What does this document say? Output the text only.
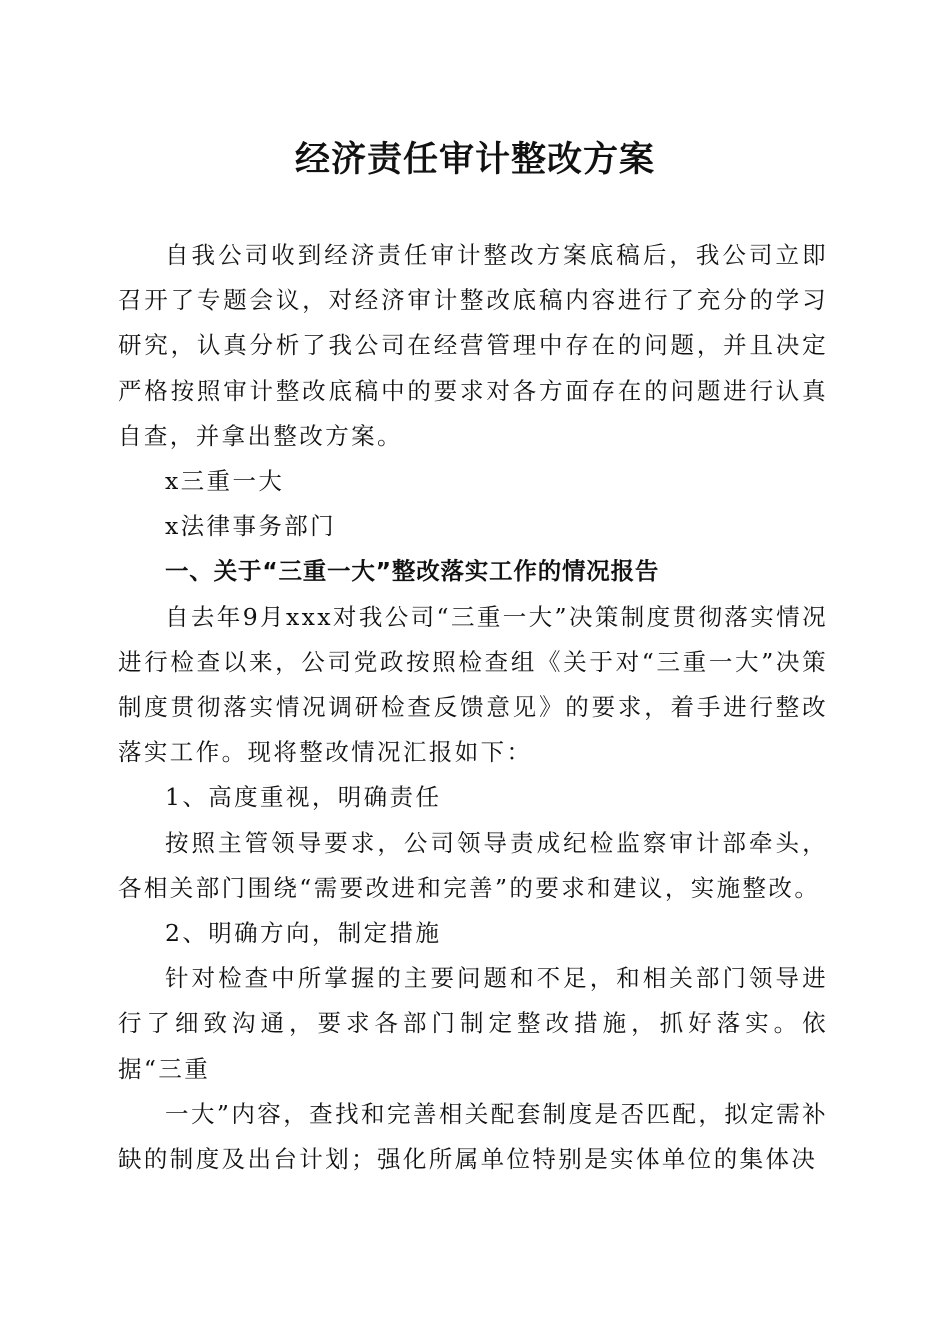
经济责任审计整改方案

自我公司收到经济责任审计整改方案底稿后，我公司立即召开了专题会议，对经济审计整改底稿内容进行了充分的学习研究，认真分析了我公司在经营管理中存在的问题，并且决定严格按照审计整改底稿中的要求对各方面存在的问题进行认真自查，并拿出整改方案。

x三重一大

x法律事务部门

一、关于“三重一大”整改落实工作的情况报告

自去年9月xxx对我公司“三重一大”决策制度贯彻落实情况进行检查以来，公司党政按照检查组《关于对“三重一大”决策制度贯彻落实情况调研检查反馈意见》的要求，着手进行整改落实工作。现将整改情况汇报如下：

1、高度重视，明确责任

按照主管领导要求，公司领导责成纪检监察审计部牵头，各相关部门围绕“需要改进和完善”的要求和建议，实施整改。

2、明确方向，制定措施

针对检查中所掌握的主要问题和不足，和相关部门领导进行了细致沟通，要求各部门制定整改措施，抓好落实。依据“三重

一大”内容，查找和完善相关配套制度是否匹配，拟定需补缺的制度及出台计划；强化所属单位特别是实体单位的集体决
